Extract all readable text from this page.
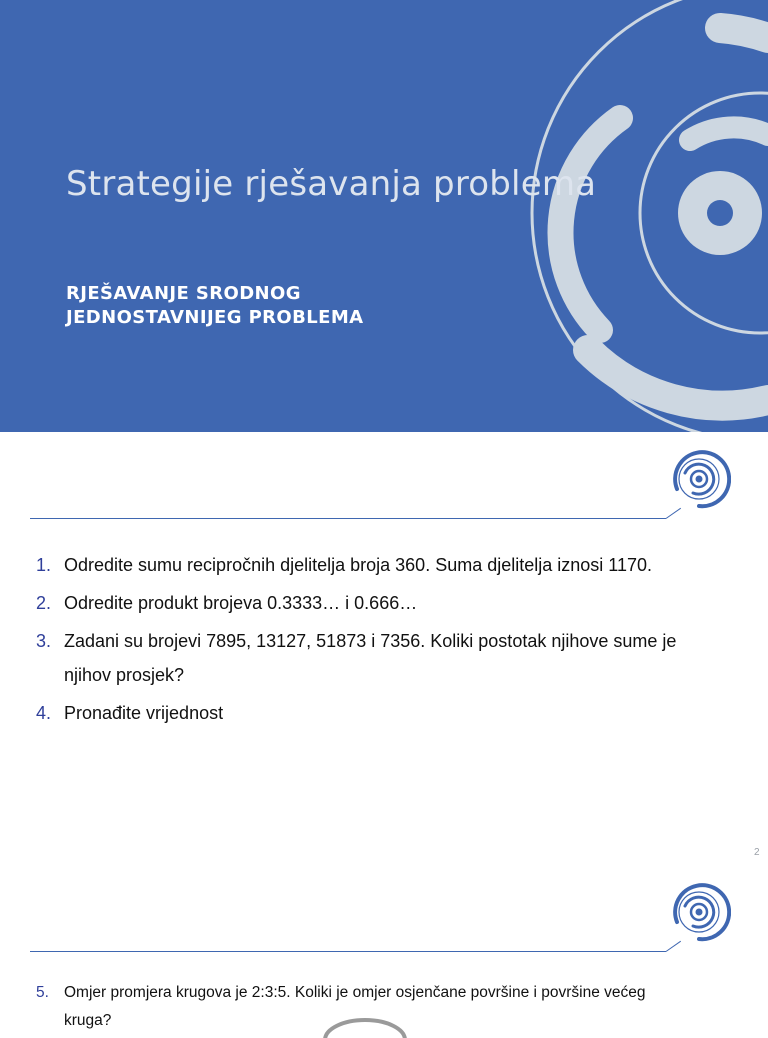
Strategije rješavanja problema
RJEŠAVANJE SRODNOG
JEDNOSTAVNIJEG PROBLEMA
1. Odredite sumu recipročnih djelitelja broja 360. Suma djelitelja iznosi 1170.
2. Odredite produkt brojeva 0.3333… i 0.666…
3. Zadani su brojevi 7895, 13127, 51873 i 7356. Koliki postotak njihove sume je njihov prosjek?
4. Pronađite vrijednost
2
5. Omjer promjera krugova je 2:3:5. Koliki je omjer osjenčane površine i površine većeg kruga?
